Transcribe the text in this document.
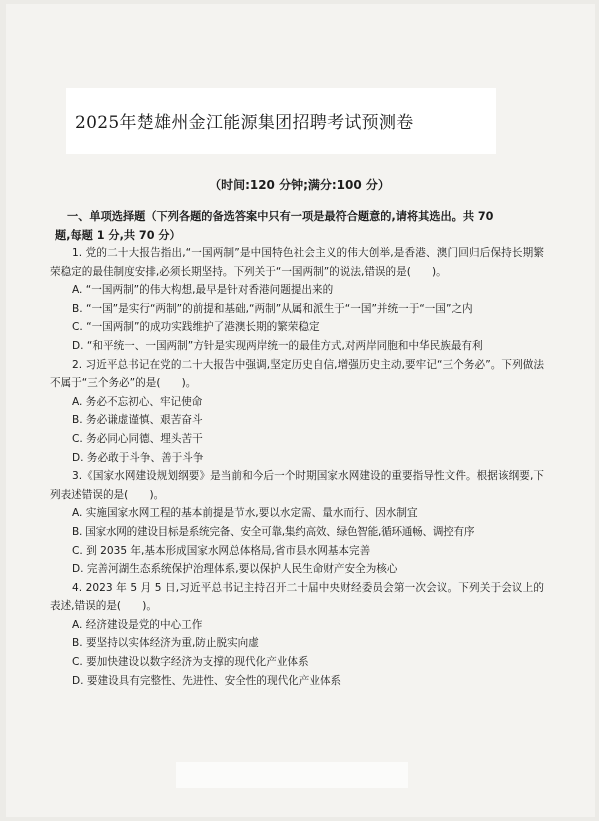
2025年楚雄州金江能源集团招聘考试预测卷
（时间:120 分钟;满分:100 分）
一、单项选择题（下列各题的备选答案中只有一项是最符合题意的,请将其选出。共 70
题,每题 1 分,共 70 分）
1. 党的二十大报告指出,“一国两制”是中国特色社会主义的伟大创举,是香港、澳门回归后保持长期繁荣稳定的最佳制度安排,必须长期坚持。下列关于“一国两制”的说法,错误的是(　　)。
A. “一国两制”的伟大构想,最早是针对香港问题提出来的
B. “一国”是实行“两制”的前提和基础,“两制”从属和派生于“一国”并统一于“一国”之内
C. “一国两制”的成功实践维护了港澳长期的繁荣稳定
D. “和平统一、一国两制”方针是实现两岸统一的最佳方式,对两岸同胞和中华民族最有利
2. 习近平总书记在党的二十大报告中强调,坚定历史自信,增强历史主动,要牢记“三个务必”。下列做法不属于“三个务必”的是(　　)。
A. 务必不忘初心、牢记使命
B. 务必谦虚谨慎、艰苦奋斗
C. 务必同心同德、埋头苦干
D. 务必敢于斗争、善于斗争
3.《国家水网建设规划纲要》是当前和今后一个时期国家水网建设的重要指导性文件。根据该纲要,下列表述错误的是(　　)。
A. 实施国家水网工程的基本前提是节水,要以水定需、量水而行、因水制宜
B. 国家水网的建设目标是系统完备、安全可靠,集约高效、绿色智能,循环通畅、调控有序
C. 到 2035 年,基本形成国家水网总体格局,省市县水网基本完善
D. 完善河湖生态系统保护治理体系,要以保护人民生命财产安全为核心
4. 2023 年 5 月 5 日,习近平总书记主持召开二十届中央财经委员会第一次会议。下列关于会议上的表述,错误的是(　　)。
A. 经济建设是党的中心工作
B. 要坚持以实体经济为重,防止脱实向虚
C. 要加快建设以数字经济为支撑的现代化产业体系
D. 要建设具有完整性、先进性、安全性的现代化产业体系
